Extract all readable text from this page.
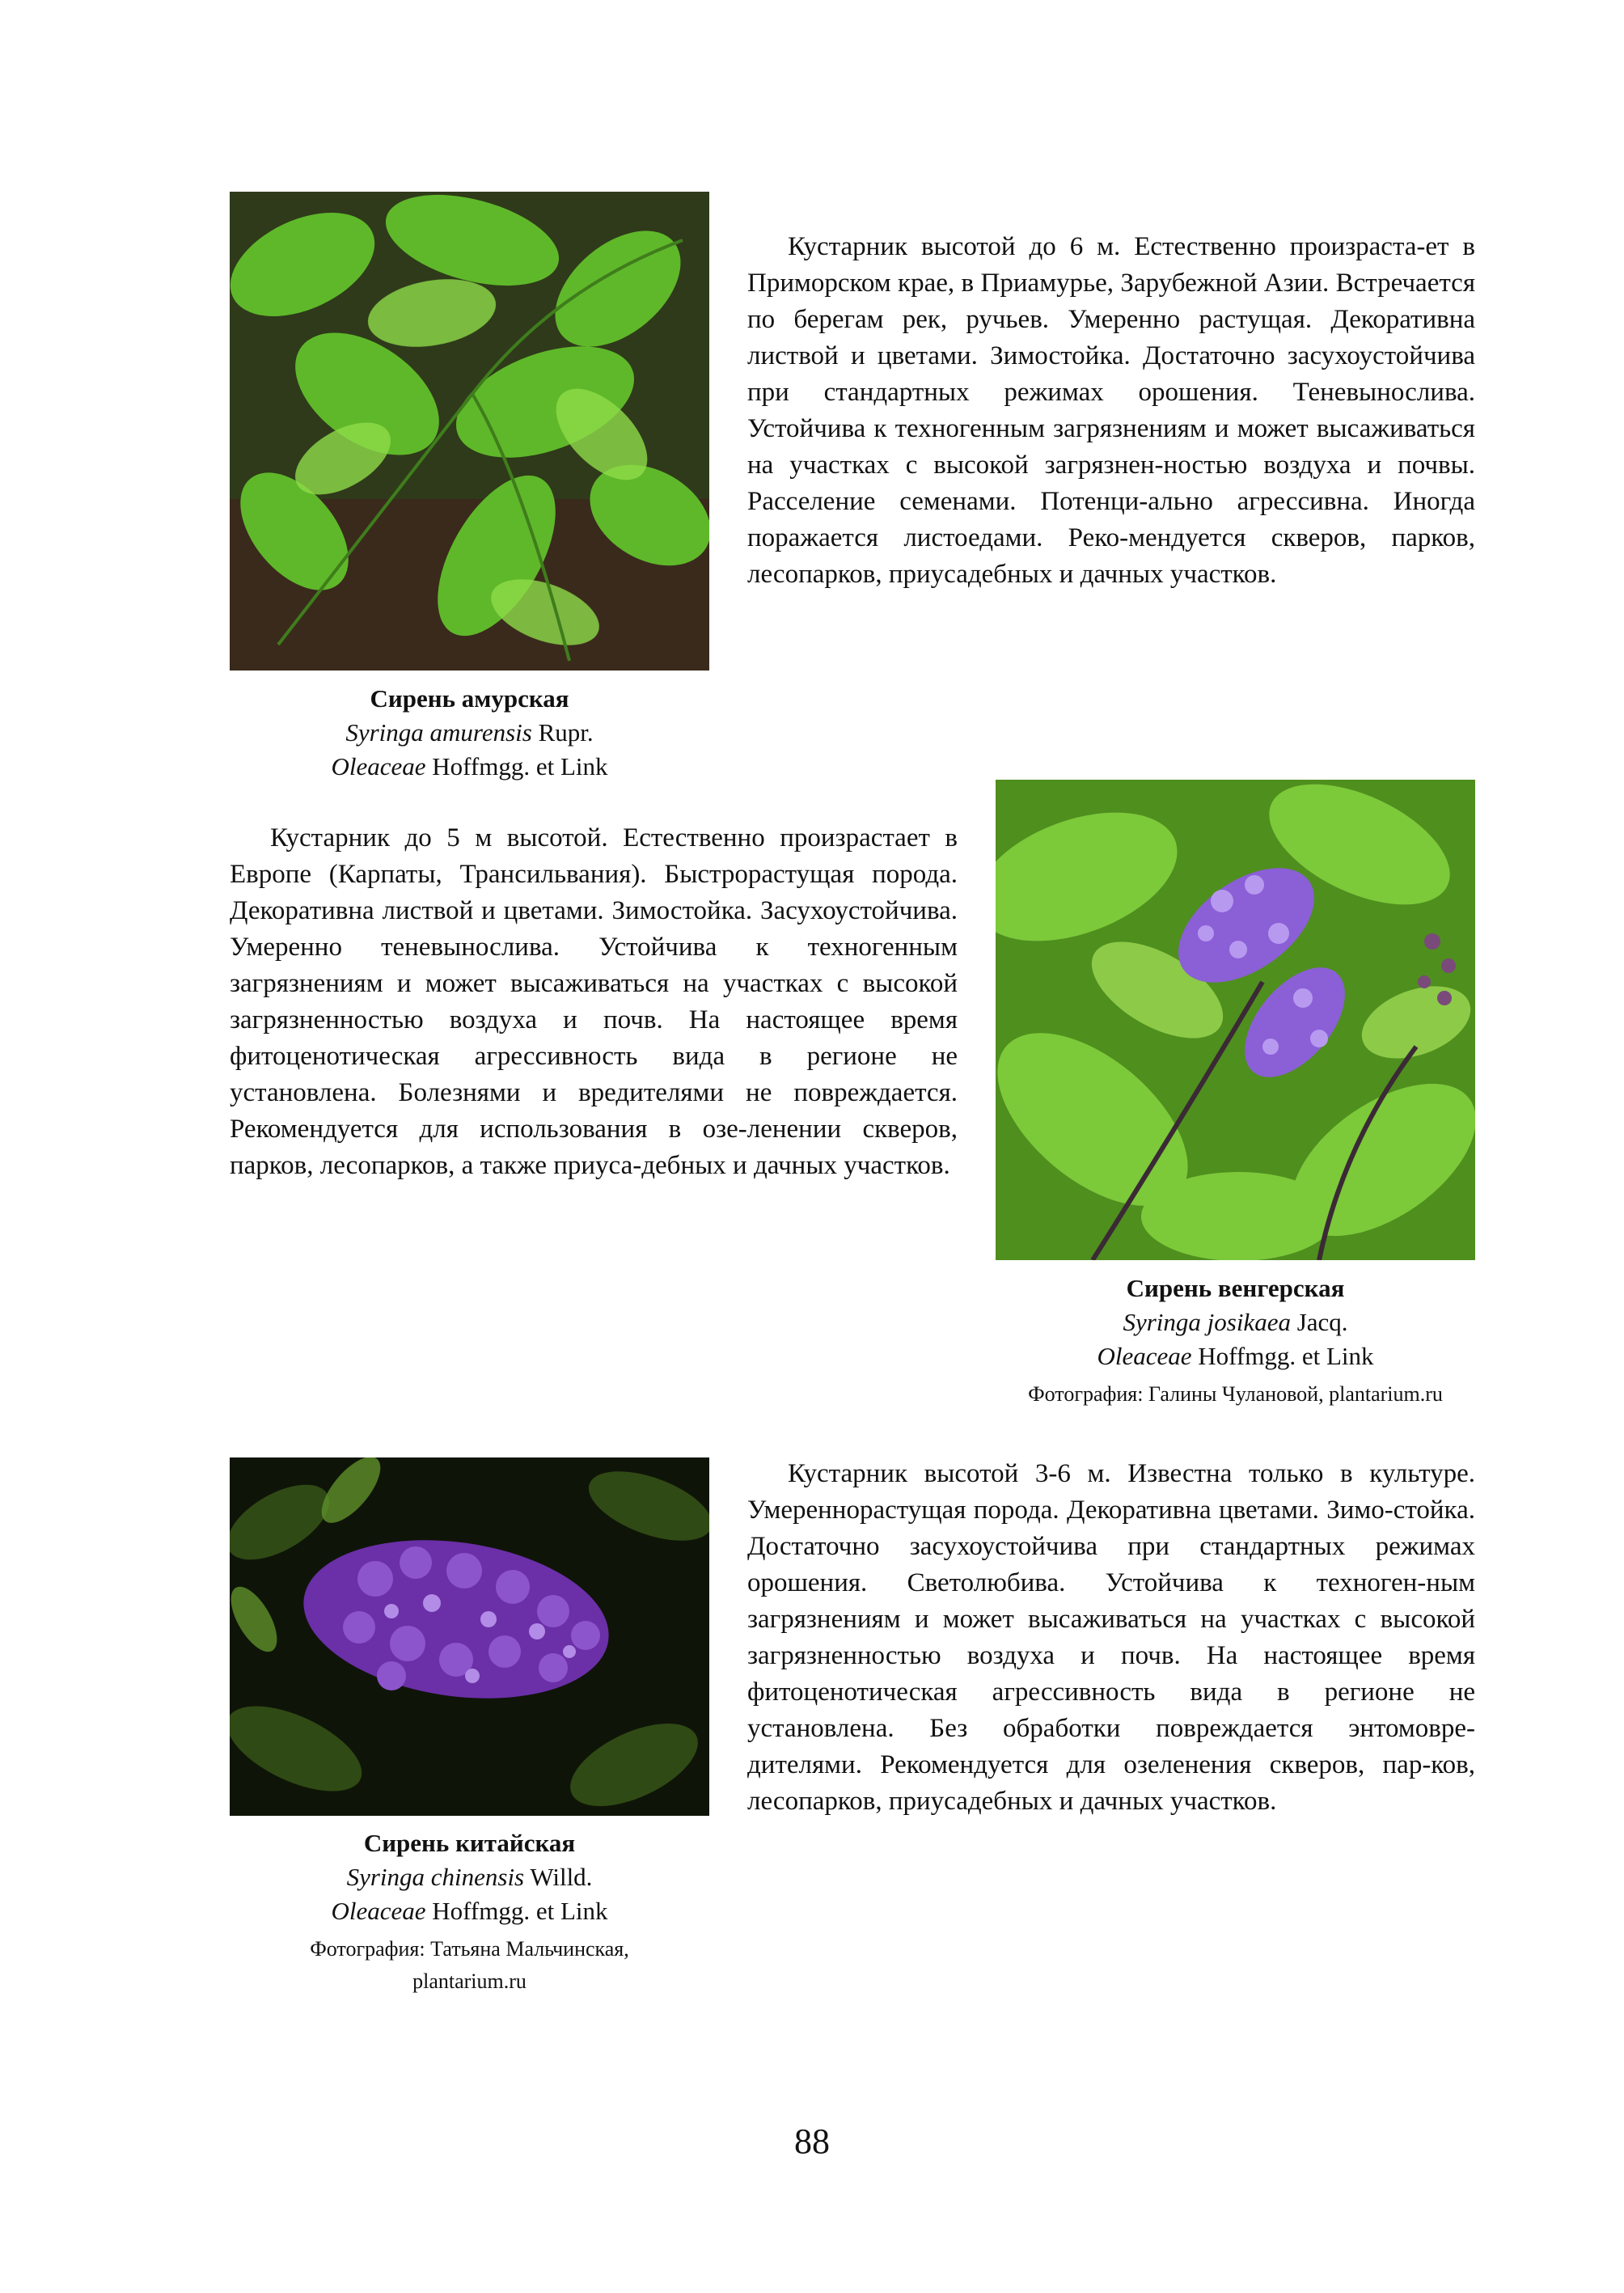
Кустарник высотой до 6 м. Естественно произраста-ет в Приморском крае, в Приамурье, Зарубежной Азии. Встречается по берегам рек, ручьев. Умеренно растущая. Декоративна листвой и цветами. Зимостойка. Достаточно засухоустойчива при стандартных режимах орошения. Теневынослива. Устойчива к техногенным загрязнениям и может высаживаться на участках с высокой загрязнен-ностью воздуха и почвы. Расселение семенами. Потенци-ально агрессивна. Иногда поражается листоедами. Реко-мендуется скверов, парков, лесопарков, приусадебных и дачных участков.

Сирень амурская
Syringa amurensis Rupr.
Oleaceae Hoffmgg. et Link

Кустарник до 5 м высотой. Естественно произрастает в Европе (Карпаты, Трансильвания). Быстрорастущая порода. Декоративна листвой и цветами. Зимостойка. Засухоустойчива. Умеренно теневынослива. Устойчива к техногенным загрязнениям и может высаживаться на участках с высокой загрязненностью воздуха и почв. На настоящее время фитоценотическая агрессивность вида в регионе не установлена. Болезнями и вредителями не повреждается. Рекомендуется для использования в озе-ленении скверов, парков, лесопарков, а также приуса-дебных и дачных участков.

Сирень венгерская
Syringa josikaea Jacq.
Oleaceae Hoffmgg. et Link
Фотография: Галины Чулановой, plantarium.ru

Кустарник высотой 3-6 м. Известна только в культуре. Умереннорастущая порода. Декоративна цветами. Зимо-стойка. Достаточно засухоустойчива при стандартных режимах орошения. Светолюбива. Устойчива к техноген-ным загрязнениям и может высаживаться на участках с высокой загрязненностью воздуха и почв. На настоящее время фитоценотическая агрессивность вида в регионе не установлена. Без обработки повреждается энтомовре-дителями. Рекомендуется для озеленения скверов, пар-ков, лесопарков, приусадебных и дачных участков.

Сирень китайская
Syringa chinensis Willd.
Oleaceae Hoffmgg. et Link
Фотография: Татьяна Мальчинская,
plantarium.ru
88
